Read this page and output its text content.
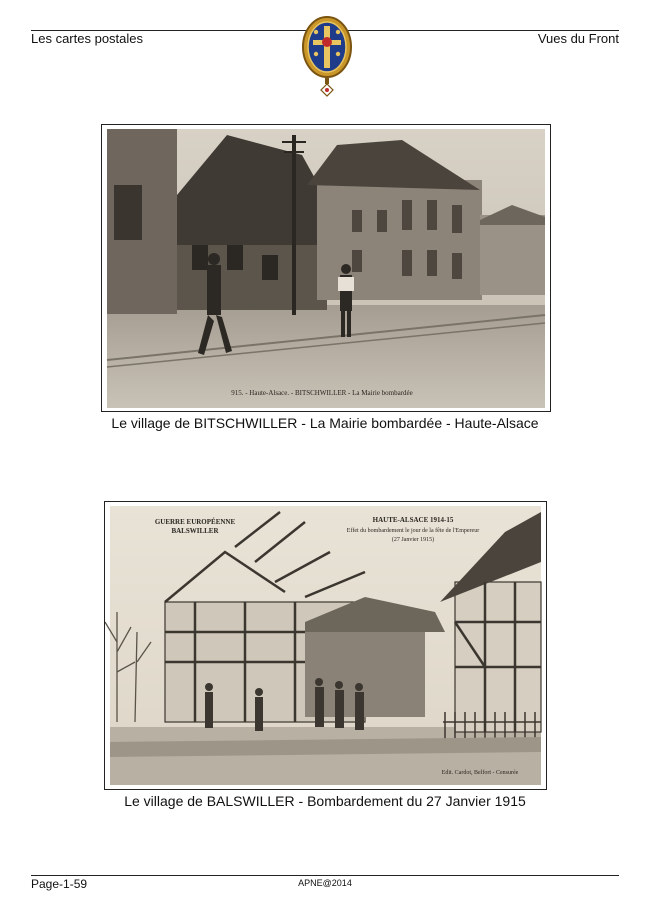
Les cartes postales	Vues du Front
915. - Haute-Alsace. - BITSCHWILLER - La Mairie bombardée
Le village de BITSCHWILLER - La Mairie bombardée - Haute-Alsace
GUERRE EUROPÉENNE
BALSWILLER
HAUTE-ALSACE 1914-15
Effet du bombardement le jour de la fête de l'Empereur
(27 Janvier 1915)
Edit. Cardot, Belfort - Censurée
Le village de BALSWILLER - Bombardement du 27 Janvier 1915
Page-1-59	APNE@2014
